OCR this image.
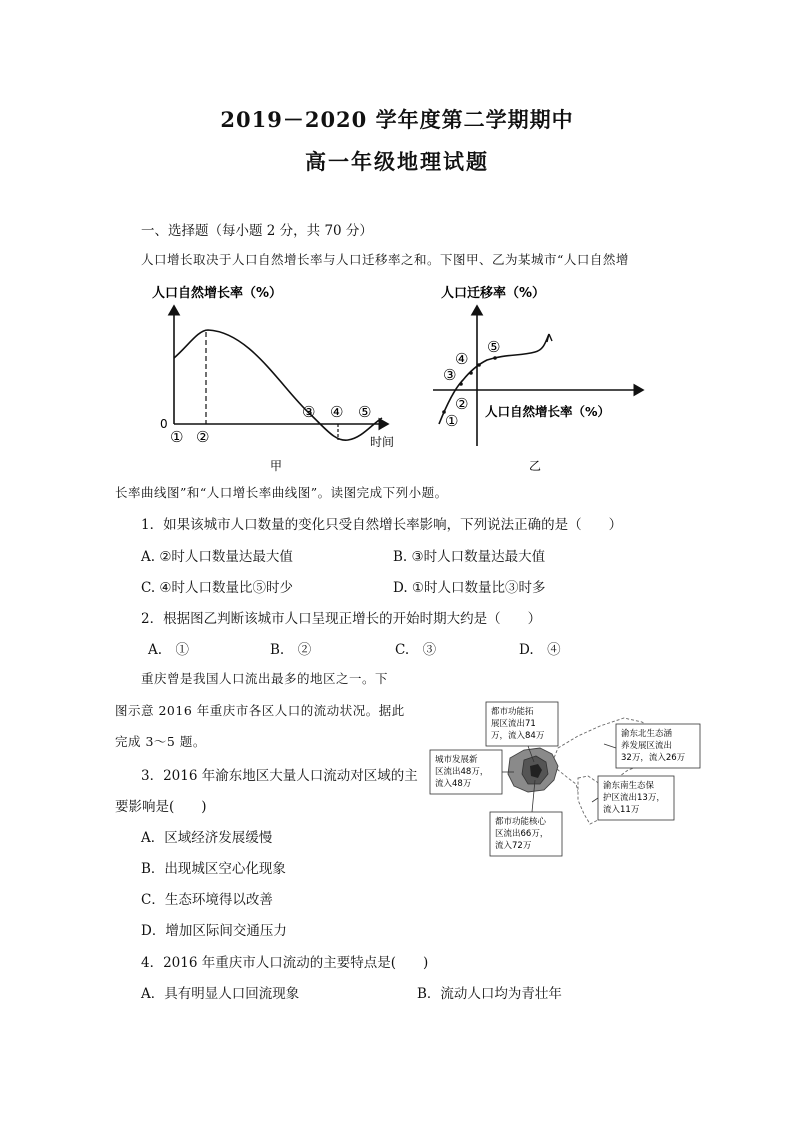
2019－2020 学年度第二学期期中
高一年级地理试题
一、选择题（每小题 2 分，共 70 分）
人口增长取决于人口自然增长率与人口迁移率之和。下图甲、乙为某城市“人口自然增
人口自然增长率（%）
0
① ②
③ ④ ⑤
时间
甲
人口迁移率（%）
①
②
③
④
⑤
人口自然增长率（%）
乙
长率曲线图”和“人口增长率曲线图”。读图完成下列小题。
1．如果该城市人口数量的变化只受自然增长率影响，下列说法正确的是（　　）
A. ②时人口数量达最大值	B. ③时人口数量达最大值
C. ④时人口数量比⑤时少	D. ①时人口数量比③时多
2．根据图乙判断该城市人口呈现正增长的开始时期大约是（　　）
A.　①	B.　②	C.　③	D.　④
重庆曾是我国人口流出最多的地区之一。下
图示意 2016 年重庆市各区人口的流动状况。据此
完成 3～5 题。
都市功能拓
展区流出71
万，流入84万
城市发展新
区流出48万，
流入48万
都市功能核心
区流出66万，
流入72万
渝东北生态涵
养发展区流出
32万，流入26万
渝东南生态保
护区流出13万，
流入11万
3．2016 年渝东地区大量人口流动对区域的主
要影响是(　　)
A．区域经济发展缓慢
B．出现城区空心化现象
C．生态环境得以改善
D．增加区际间交通压力
4．2016 年重庆市人口流动的主要特点是(　　)
A．具有明显人口回流现象	B．流动人口均为青壮年
